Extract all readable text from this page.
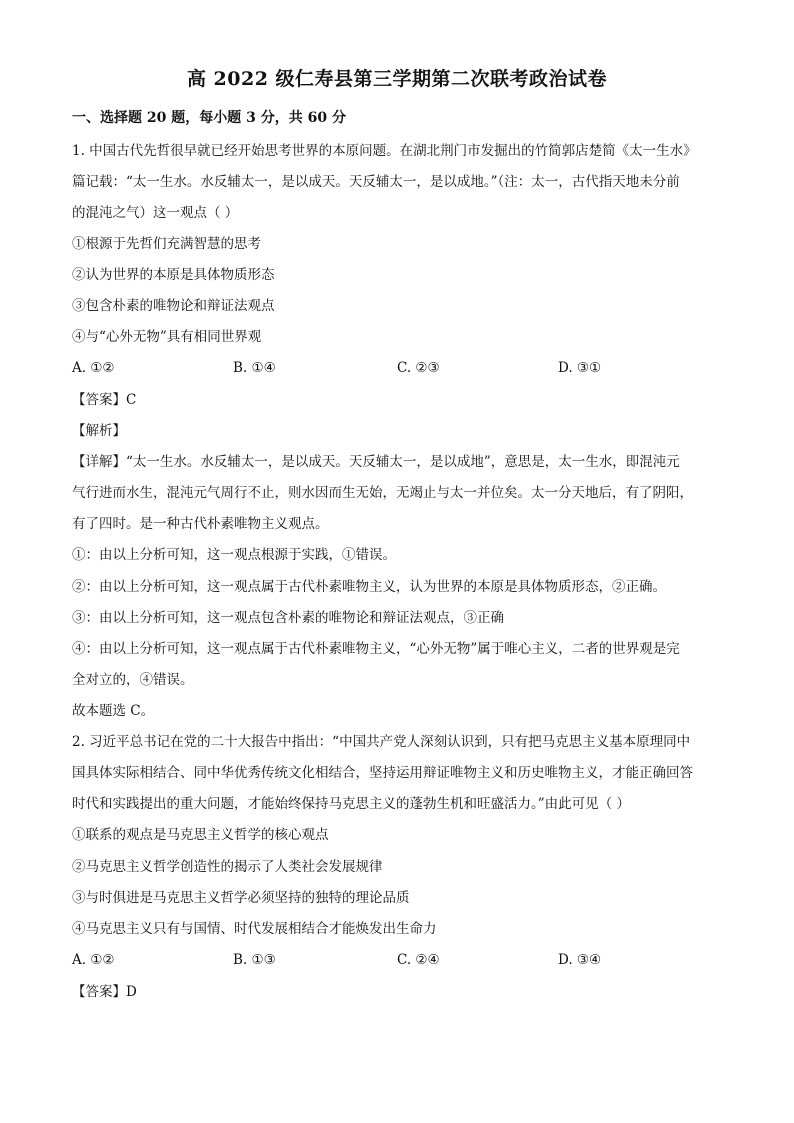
高 2022 级仁寿县第三学期第二次联考政治试卷
一、选择题 20 题，每小题 3 分，共 60 分
1. 中国古代先哲很早就已经开始思考世界的本原问题。在湖北荆门市发掘出的竹简郭店楚简《太一生水》
篇记载：“太一生水。水反辅太一，是以成天。天反辅太一，是以成地。”（注：太一，古代指天地未分前
的混沌之气）这一观点（ ）
①根源于先哲们充满智慧的思考
②认为世界的本原是具体物质形态
③包含朴素的唯物论和辩证法观点
④与“心外无物”具有相同世界观
A. ①②	B. ①④	C. ②③	D. ③①
【答案】C
【解析】
【详解】“太一生水。水反辅太一，是以成天。天反辅太一，是以成地”，意思是，太一生水，即混沌元
气行进而水生，混沌元气周行不止，则水因而生无始，无竭止与太一并位矣。太一分天地后，有了阴阳，
有了四时。是一种古代朴素唯物主义观点。
①：由以上分析可知，这一观点根源于实践，①错误。
②：由以上分析可知，这一观点属于古代朴素唯物主义，认为世界的本原是具体物质形态，②正确。
③：由以上分析可知，这一观点包含朴素的唯物论和辩证法观点，③正确
④：由以上分析可知，这一观点属于古代朴素唯物主义，“心外无物”属于唯心主义，二者的世界观是完
全对立的，④错误。
故本题选 C。
2. 习近平总书记在党的二十大报告中指出：“中国共产党人深刻认识到，只有把马克思主义基本原理同中
国具体实际相结合、同中华优秀传统文化相结合，坚持运用辩证唯物主义和历史唯物主义，才能正确回答
时代和实践提出的重大问题，才能始终保持马克思主义的蓬勃生机和旺盛活力。”由此可见（ ）
①联系的观点是马克思主义哲学的核心观点
②马克思主义哲学创造性的揭示了人类社会发展规律
③与时俱进是马克思主义哲学必须坚持的独特的理论品质
④马克思主义只有与国情、时代发展相结合才能焕发出生命力
A. ①②	B. ①③	C. ②④	D. ③④
【答案】D
